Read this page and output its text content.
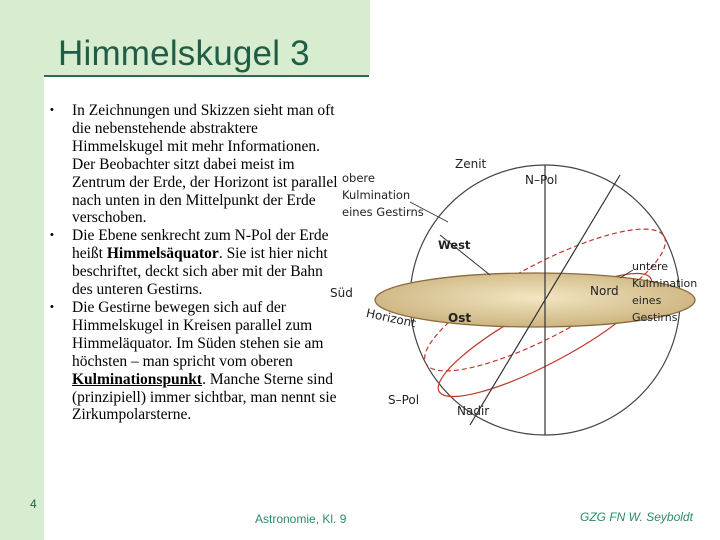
Himmelskugel 3
• In Zeichnungen und Skizzen sieht man oft die nebenstehende abstraktere Himmelskugel mit mehr Informationen. Der Beobachter sitzt dabei meist im Zentrum der Erde, der Horizont ist parallel nach unten in den Mittelpunkt der Erde verschoben.
• Die Ebene senkrecht zum N-Pol der Erde heißt Himmelsäquator. Sie ist hier nicht beschriftet, deckt sich aber mit der Bahn des unteren Gestirns.
• Die Gestirne bewegen sich auf der Himmelskugel in Kreisen parallel zum Himmeläquator. Im Süden stehen sie am höchsten – man spricht vom oberen Kulminationspunkt. Manche Sterne sind (prinzipiell) immer sichtbar, man nennt sie Zirkumpolarsterne.
Zenit
N–Pol
obere
Kulmination
eines Gestirns
West
untere
Kulmination
eines
Gestirns
Süd	Nord
Horizont	Ost
S–Pol
Nadir
4
Astronomie, Kl. 9	GZG FN W. Seyboldt
